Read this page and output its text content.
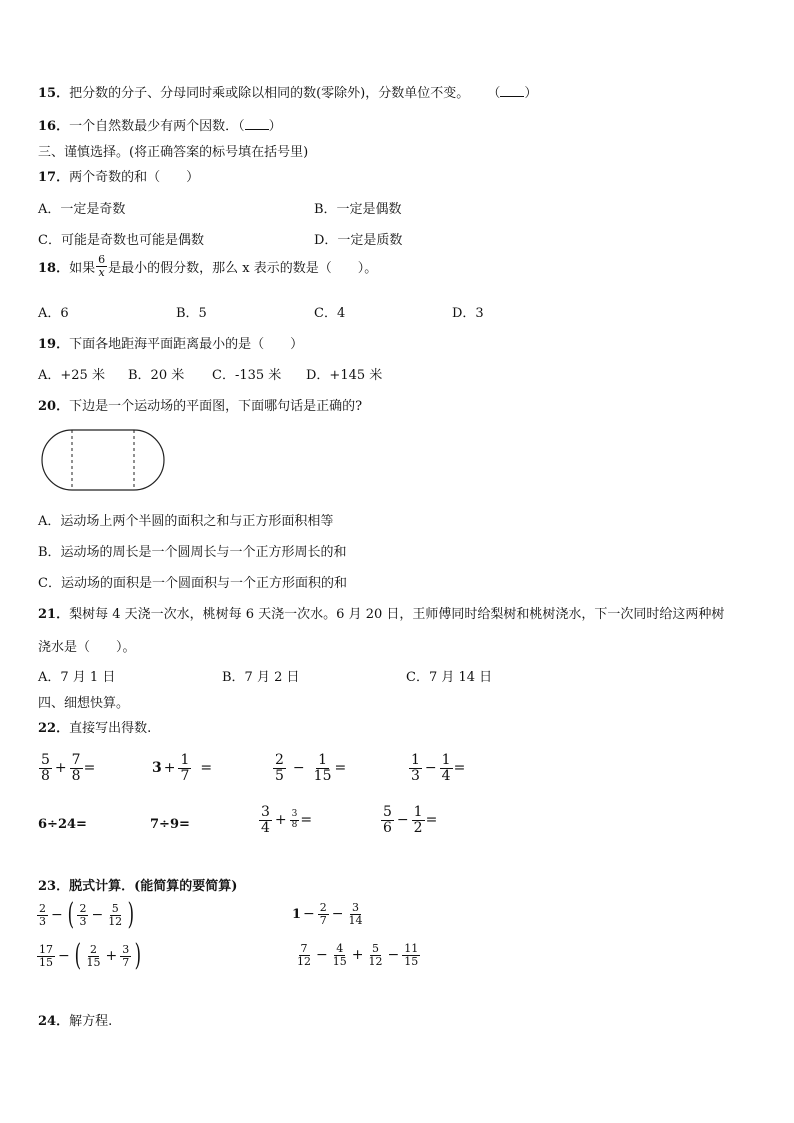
15．把分数的分子、分母同时乘或除以相同的数(零除外)，分数单位不变。 （ ）
16．一个自然数最少有两个因数．（ ）
三、谨慎选择。(将正确答案的标号填在括号里)
17．两个奇数的和（　　）
A．一定是奇数	B．一定是偶数
C．可能是奇数也可能是偶数	D．一定是质数
18． 如果 $\frac{6}{x}$ 是最小的假分数，那么 x 表示的数是（　　）。
A．6	B．5	C．4	D．3
19．下面各地距海平面距离最小的是（　　）
A．+25 米 B．20 米 C．-135 米 D．+145 米
20．下边是一个运动场的平面图，下面哪句话是正确的?
A．运动场上两个半圆的面积之和与正方形面积相等
B．运动场的周长是一个圆周长与一个正方形周长的和
C．运动场的面积是一个圆面积与一个正方形面积的和
21．梨树每 4 天浇一次水，桃树每 6 天浇一次水。6 月 20 日，王师傅同时给梨树和桃树浇水，下一次同时给这两种树
浇水是（　　）。
A．7 月 1 日	B．7 月 2 日	C．7 月 14 日
四、细想快算。
22．直接写出得数.
$\frac{5}{8} + \frac{7}{8}$ =	$3 + \frac{1}{7}$ =	$\frac{2}{5} - \frac{1}{15}$ =	$\frac{1}{3} - \frac{1}{4}$ =
6÷24=	7÷9=	$\frac{3}{4} + \frac{3}{8}$ =	$\frac{5}{6} - \frac{1}{2}$ =
23．脱式计算．(能简算的要简算)
$\frac{2}{3}$ − ( $\frac{2}{3} - \frac{5}{12}$ )	$1 - \frac{2}{7} - \frac{3}{14}$
$\frac{17}{15}$ − ( $\frac{2}{15} + \frac{3}{7}$ )	$\frac{7}{12} - \frac{4}{15} + \frac{5}{12} - \frac{11}{15}$
24．解方程.
